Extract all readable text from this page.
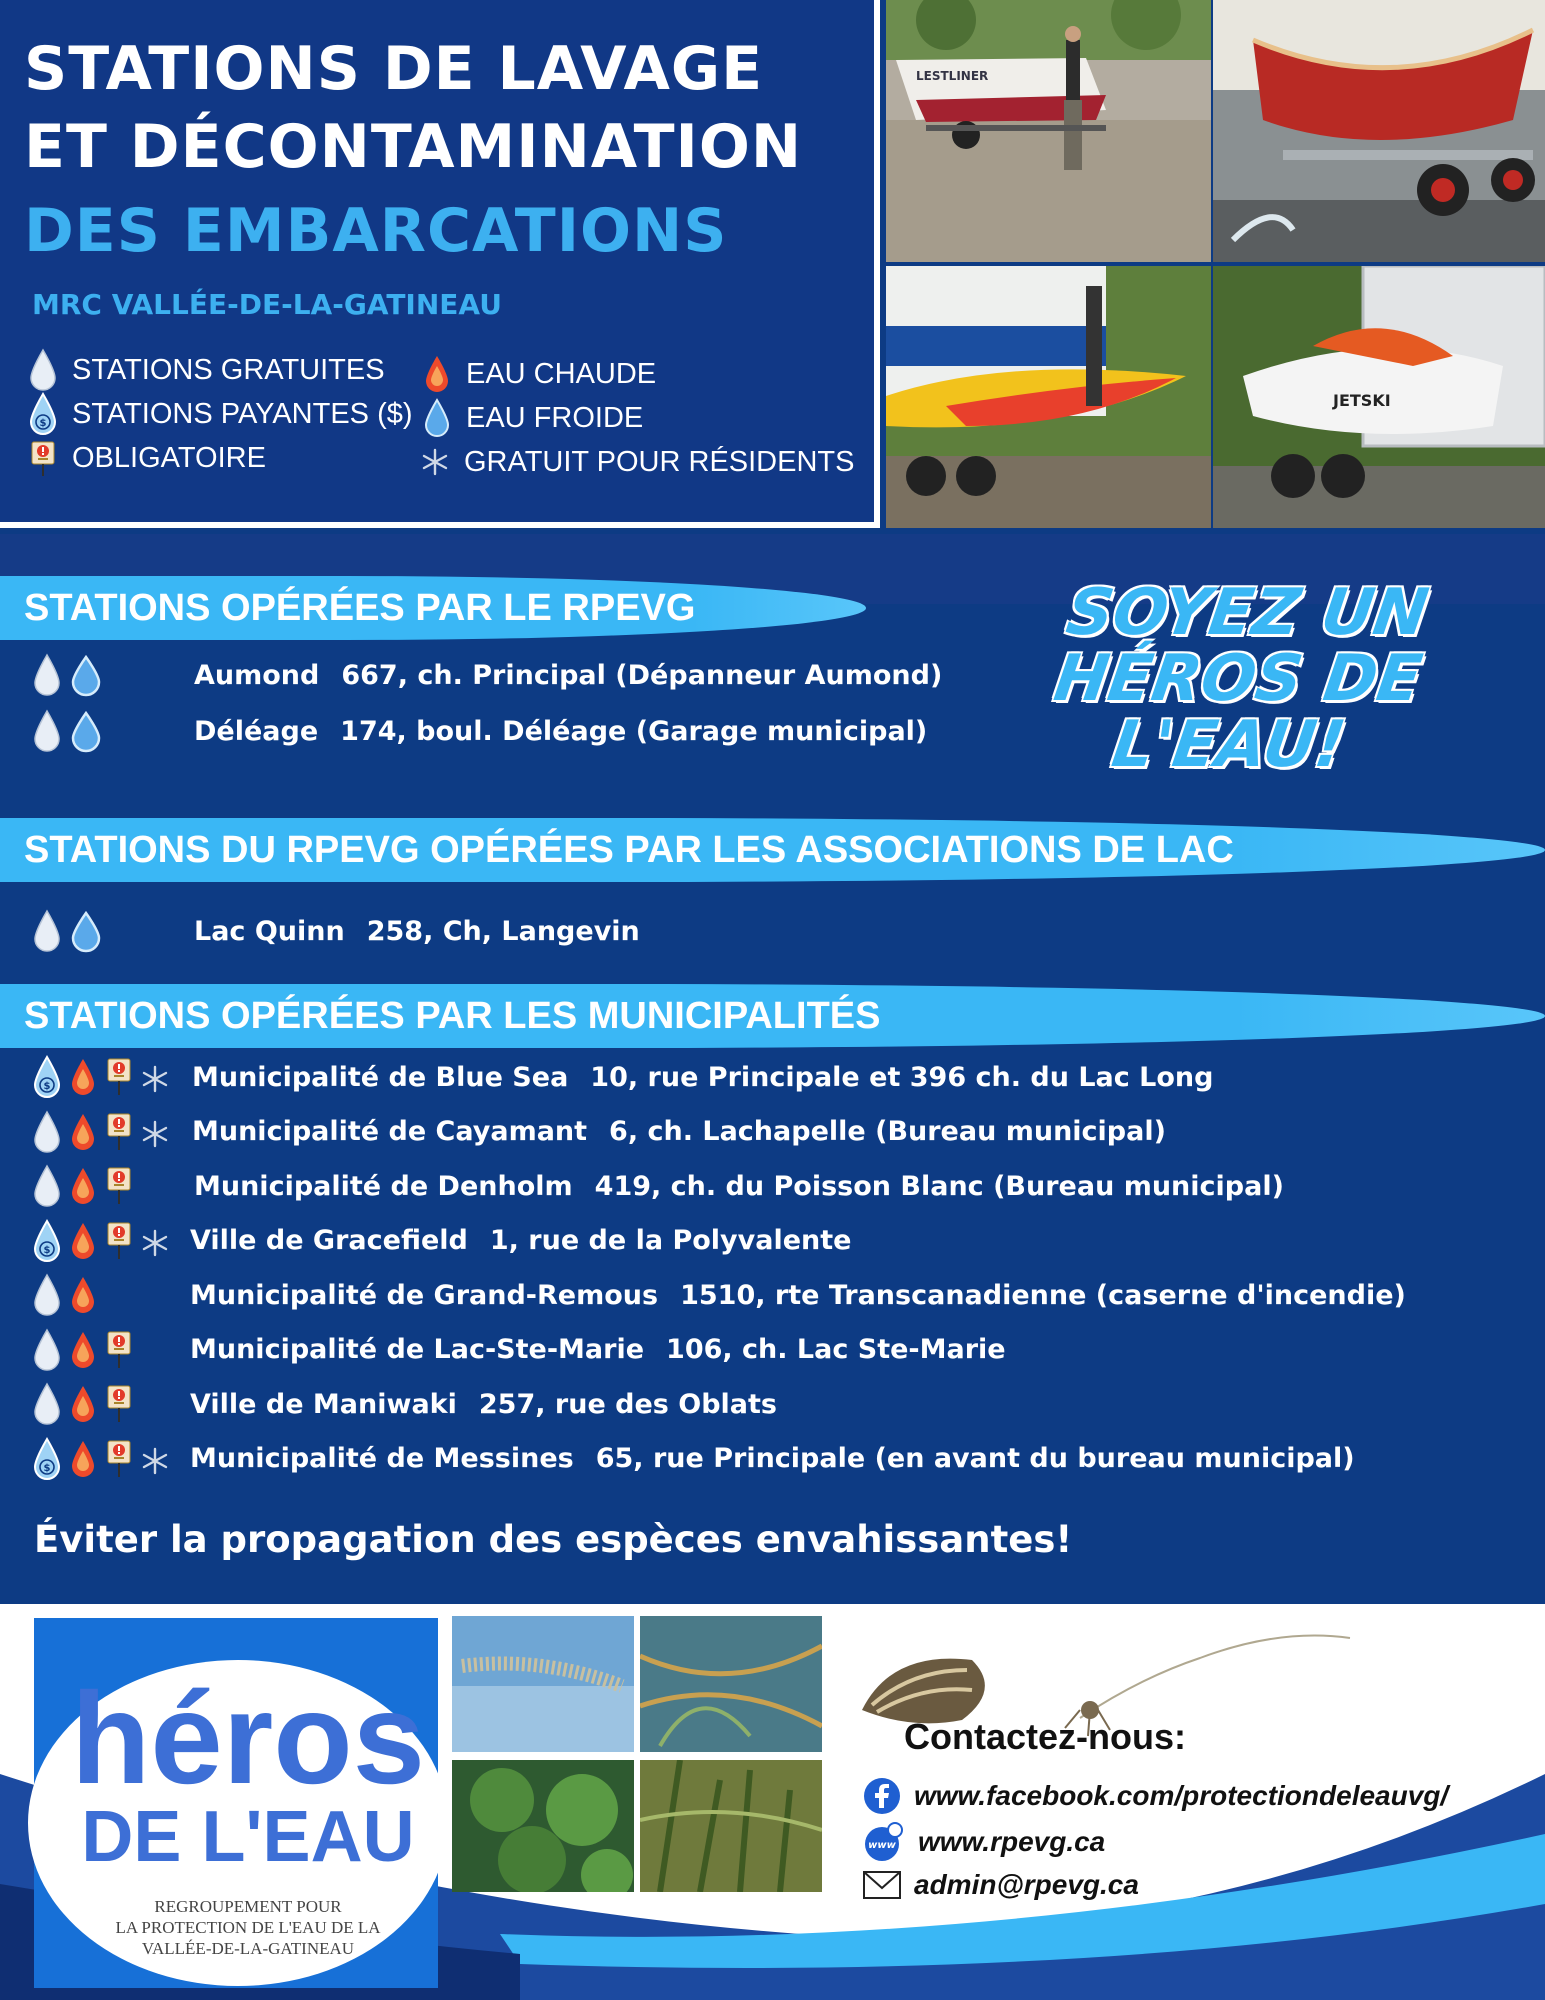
STATIONS DE LAVAGE
ET DÉCONTAMINATION
DES EMBARCATIONS
MRC VALLÉE-DE-LA-GATINEAU
STATIONS GRATUITES
$ STATIONS PAYANTES ($)
OBLIGATOIRE
EAU CHAUDE
EAU FROIDE
GRATUIT POUR RÉSIDENTS
LESTLINER
JETSKI
SOYEZ UN
HÉROS DE
L'EAU!
STATIONS OPÉRÉES PAR LE RPEVG
Aumond 667, ch. Principal (Dépanneur Aumond)
Déléage 174, boul. Déléage (Garage municipal)
STATIONS DU RPEVG OPÉRÉES PAR LES ASSOCIATIONS DE LAC
Lac Quinn 258, Ch, Langevin
STATIONS OPÉRÉES PAR LES MUNICIPALITÉS
$	Municipalité de Blue Sea 10, rue Principale et 396 ch. du Lac Long
Municipalité de Cayamant 6, ch. Lachapelle (Bureau municipal)
Municipalité de Denholm 419, ch. du Poisson Blanc (Bureau municipal)
$	Ville de Gracefield 1, rue de la Polyvalente
Municipalité de Grand-Remous 1510, rte Transcanadienne (caserne d'incendie)
Municipalité de Lac-Ste-Marie 106, ch. Lac Ste-Marie
Ville de Maniwaki 257, rue des Oblats
$	Municipalité de Messines 65, rue Principale (en avant du bureau municipal)
Éviter la propagation des espèces envahissantes!
héros
DE L'EAU
REGROUPEMENT POUR
LA PROTECTION DE L'EAU DE LA
VALLÉE-DE-LA-GATINEAU
Contactez-nous:
www.facebook.com/protectiondeleauvg/
www www.rpevg.ca
admin@rpevg.ca
